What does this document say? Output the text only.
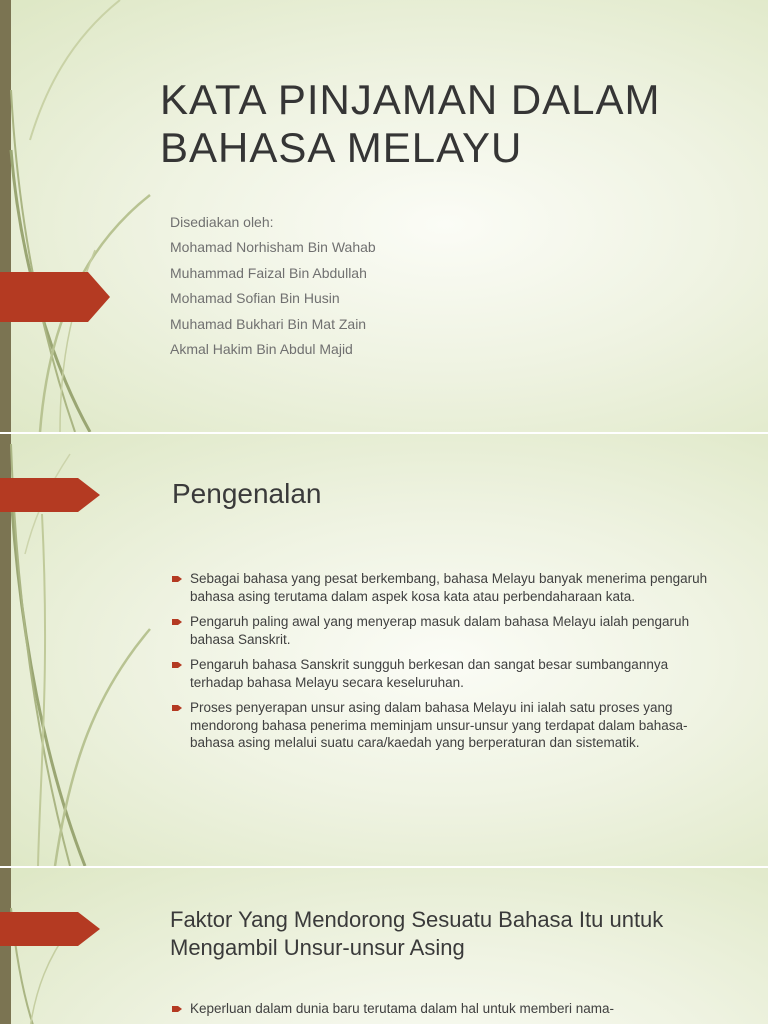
KATA PINJAMAN DALAM
BAHASA MELAYU
Disediakan oleh:
Mohamad Norhisham Bin Wahab
Muhammad Faizal Bin Abdullah
Mohamad Sofian Bin Husin
Muhamad Bukhari Bin Mat Zain
Akmal Hakim Bin Abdul Majid
Pengenalan
Sebagai bahasa yang pesat berkembang, bahasa Melayu banyak menerima pengaruh bahasa asing terutama dalam aspek kosa kata atau perbendaharaan kata.
Pengaruh paling awal yang menyerap masuk dalam bahasa Melayu ialah pengaruh bahasa Sanskrit.
Pengaruh bahasa Sanskrit sungguh berkesan dan sangat besar sumbangannya terhadap bahasa Melayu secara keseluruhan.
Proses penyerapan unsur asing dalam bahasa Melayu ini ialah satu proses yang mendorong bahasa penerima meminjam unsur-unsur yang terdapat dalam bahasa-bahasa asing melalui suatu cara/kaedah yang berperaturan dan sistematik.
Faktor Yang Mendorong Sesuatu Bahasa Itu untuk Mengambil Unsur-unsur Asing
Keperluan dalam dunia baru terutama dalam hal untuk memberi nama-
